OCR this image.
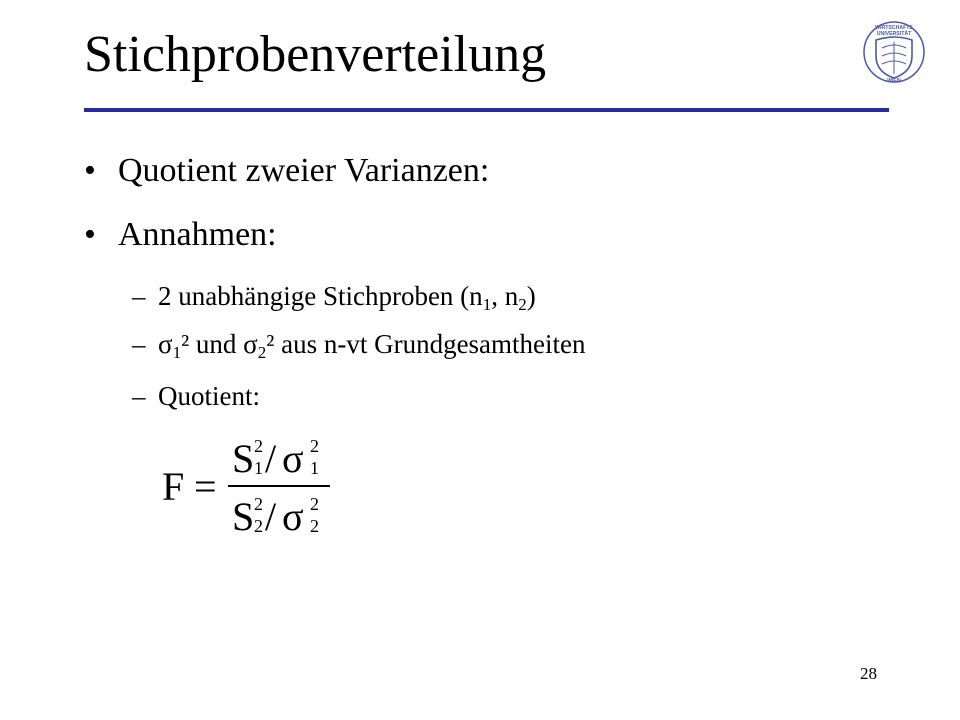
Stichprobenverteilung	WIRTSCHAFTS
UNIVERSITÄT
WIEN
• Quotient zweier Varianzen:
• Annahmen:
– 2 unabhängige Stichproben ($n_1$, $n_2$)
– $\sigma_1^2$ und $\sigma_2^2$ aus n-vt Grundgesamtheiten
– Quotient:
F =
S 2
1 / σ 2
1
S 2
2 / σ 2
2
28
